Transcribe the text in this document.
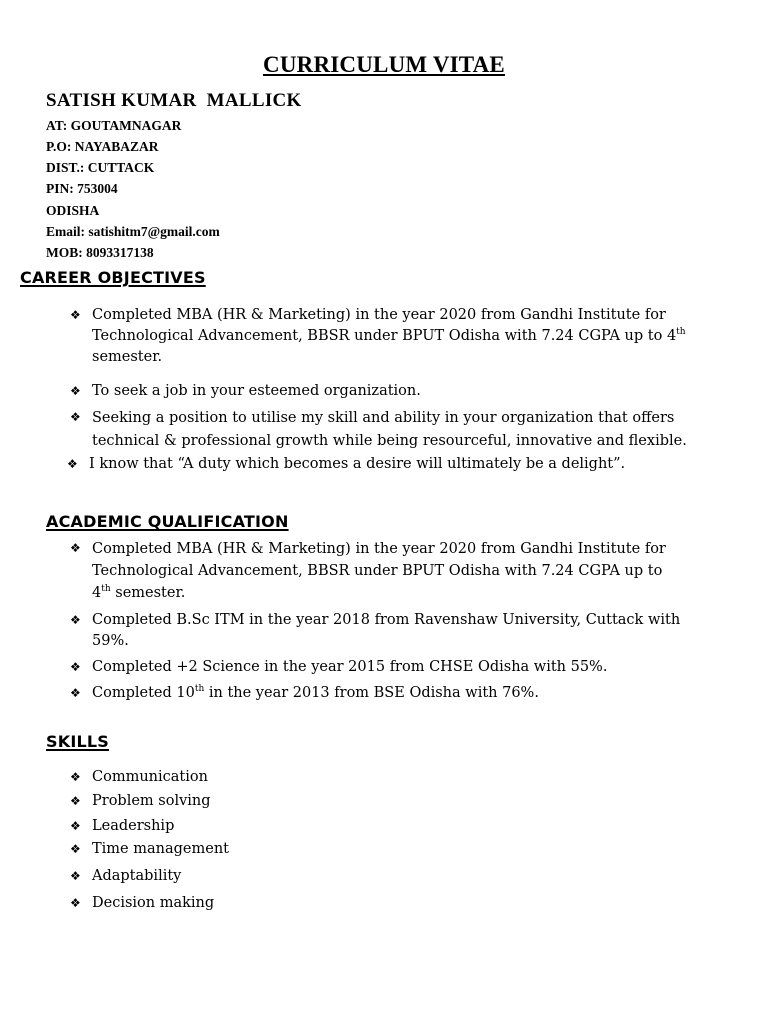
CURRICULUM VITAE
SATISH KUMAR  MALLICK
AT: GOUTAMNAGAR
P.O: NAYABAZAR
DIST.: CUTTACK
PIN: 753004
ODISHA
Email: satishitm7@gmail.com
MOB: 8093317138
CAREER OBJECTIVES
❖ Completed MBA (HR & Marketing) in the year 2020 from Gandhi Institute for
Technological Advancement, BBSR under BPUT Odisha with 7.24 CGPA up to 4th
semester.
❖ To seek a job in your esteemed organization.
❖ Seeking a position to utilise my skill and ability in your organization that offers
technical & professional growth while being resourceful, innovative and flexible.
❖ I know that “A duty which becomes a desire will ultimately be a delight”.
ACADEMIC QUALIFICATION
❖ Completed MBA (HR & Marketing) in the year 2020 from Gandhi Institute for
Technological Advancement, BBSR under BPUT Odisha with 7.24 CGPA up to
4th semester.
❖ Completed B.Sc ITM in the year 2018 from Ravenshaw University, Cuttack with
59%.
❖ Completed +2 Science in the year 2015 from CHSE Odisha with 55%.
❖ Completed 10th in the year 2013 from BSE Odisha with 76%.
SKILLS
❖ Communication
❖ Problem solving
❖ Leadership
❖ Time management
❖ Adaptability
❖ Decision making
